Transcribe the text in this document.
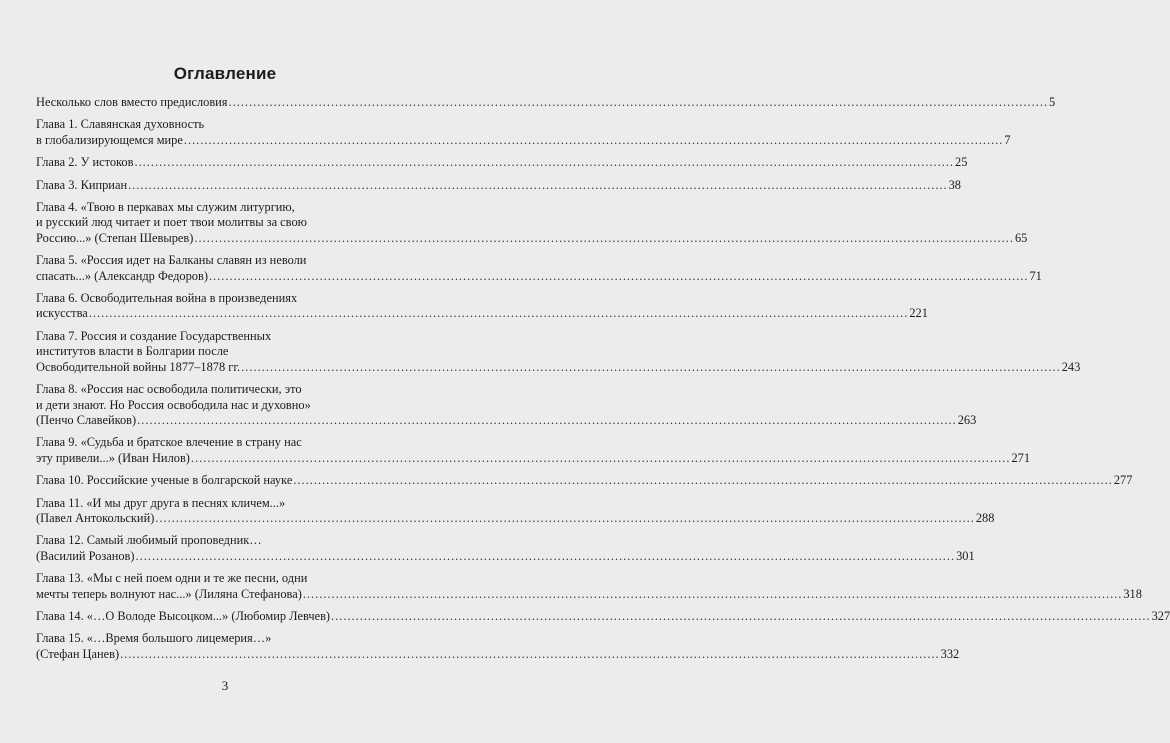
Оглавление
Несколько слов вместо предисловия ........................................................................................................................................................................................................ 5
Глава 1. Славянская духовность
в глобализирующемся мире ........................................................................................................................................................................................................ 7
Глава 2. У истоков ........................................................................................................................................................................................................ 25
Глава 3. Киприан ........................................................................................................................................................................................................ 38
Глава 4. «Твою в перкавах мы служим литургию,
и русский люд читает и поет твои молитвы за свою
Россию...» (Степан Шевырев) ........................................................................................................................................................................................................ 65
Глава 5. «Россия идет на Балканы славян из неволи
спасать...» (Александр Федоров) ........................................................................................................................................................................................................ 71
Глава 6. Освободительная война в произведениях
искусства ........................................................................................................................................................................................................ 221
Глава 7. Россия и создание Государственных
институтов власти в Болгарии после
Освободительной войны 1877–1878 гг. ........................................................................................................................................................................................................ 243
Глава 8. «Россия нас освободила политически, это
и дети знают. Но Россия освободила нас и духовно»
(Пенчо Славейков) ........................................................................................................................................................................................................ 263
Глава 9. «Судьба и братское влечение в страну нас
эту привели...» (Иван Нилов) ........................................................................................................................................................................................................ 271
Глава 10. Российские ученые в болгарской науке ........................................................................................................................................................................................................ 277
Глава 11. «И мы друг друга в песнях кличем...»
(Павел Антокольский) ........................................................................................................................................................................................................ 288
Глава 12. Самый любимый проповедник…
(Василий Розанов) ........................................................................................................................................................................................................ 301
Глава 13. «Мы с ней поем одни и те же песни, одни
мечты теперь волнуют нас...» (Лиляна Стефанова) ........................................................................................................................................................................................................ 318
Глава 14. «…О Володе Высоцком...» (Любомир Левчев) ........................................................................................................................................................................................................ 327
Глава 15. «…Время большого лицемерия…»
(Стефан Цанев) ........................................................................................................................................................................................................ 332
3
